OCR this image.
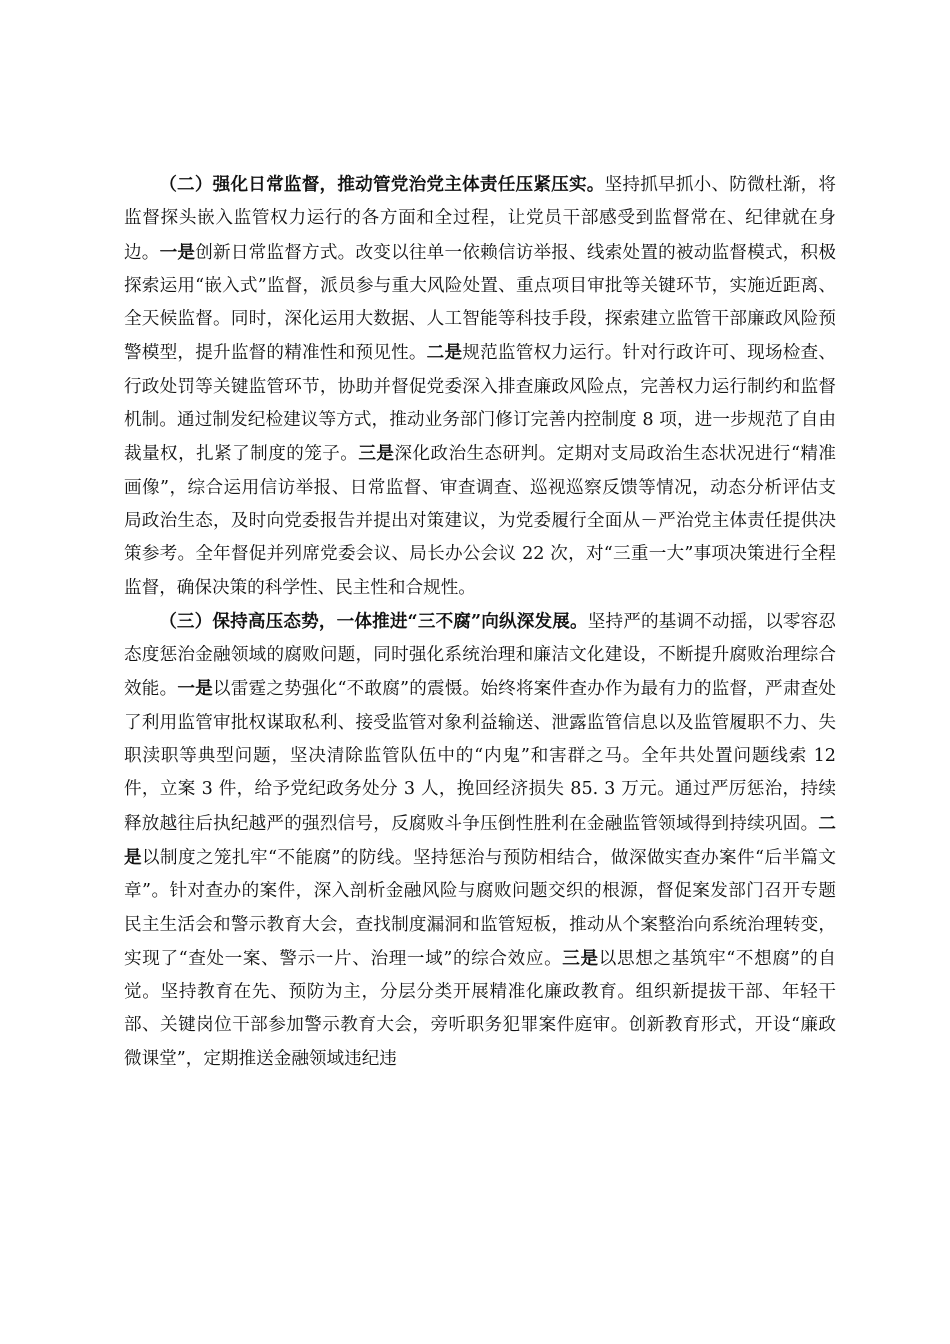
（二）强化日常监督，推动管党治党主体责任压紧压实。坚持抓早抓小、防微杜渐，将监督探头嵌入监管权力运行的各方面和全过程，让党员干部感受到监督常在、纪律就在身边。一是创新日常监督方式。改变以往单一依赖信访举报、线索处置的被动监督模式，积极探索运用“嵌入式”监督，派员参与重大风险处置、重点项目审批等关键环节，实施近距离、全天候监督。同时，深化运用大数据、人工智能等科技手段，探索建立监管干部廉政风险预警模型，提升监督的精准性和预见性。二是规范监管权力运行。针对行政许可、现场检查、行政处罚等关键监管环节，协助并督促党委深入排查廉政风险点，完善权力运行制约和监督机制。通过制发纪检建议等方式，推动业务部门修订完善内控制度 8 项，进一步规范了自由裁量权，扎紧了制度的笼子。三是深化政治生态研判。定期对支局政治生态状况进行“精准画像”，综合运用信访举报、日常监督、审查调查、巡视巡察反馈等情况，动态分析评估支局政治生态，及时向党委报告并提出对策建议，为党委履行全面从－严治党主体责任提供决策参考。全年督促并列席党委会议、局长办公会议 22 次，对“三重一大”事项决策进行全程监督，确保决策的科学性、民主性和合规性。

（三）保持高压态势，一体推进“三不腐”向纵深发展。坚持严的基调不动摇，以零容忍态度惩治金融领域的腐败问题，同时强化系统治理和廉洁文化建设，不断提升腐败治理综合效能。一是以雷霆之势强化“不敢腐”的震慑。始终将案件查办作为最有力的监督，严肃查处了利用监管审批权谋取私利、接受监管对象利益输送、泄露监管信息以及监管履职不力、失职渎职等典型问题，坚决清除监管队伍中的“内鬼”和害群之马。全年共处置问题线索 12 件，立案 3 件，给予党纪政务处分 3 人，挽回经济损失 85. 3 万元。通过严厉惩治，持续释放越往后执纪越严的强烈信号，反腐败斗争压倒性胜利在金融监管领域得到持续巩固。二是以制度之笼扎牢“不能腐”的防线。坚持惩治与预防相结合，做深做实查办案件“后半篇文章”。针对查办的案件，深入剖析金融风险与腐败问题交织的根源，督促案发部门召开专题民主生活会和警示教育大会，查找制度漏洞和监管短板，推动从个案整治向系统治理转变，实现了“查处一案、警示一片、治理一域”的综合效应。三是以思想之基筑牢“不想腐”的自觉。坚持教育在先、预防为主，分层分类开展精准化廉政教育。组织新提拔干部、年轻干部、关键岗位干部参加警示教育大会，旁听职务犯罪案件庭审。创新教育形式，开设“廉政微课堂”，定期推送金融领域违纪违
